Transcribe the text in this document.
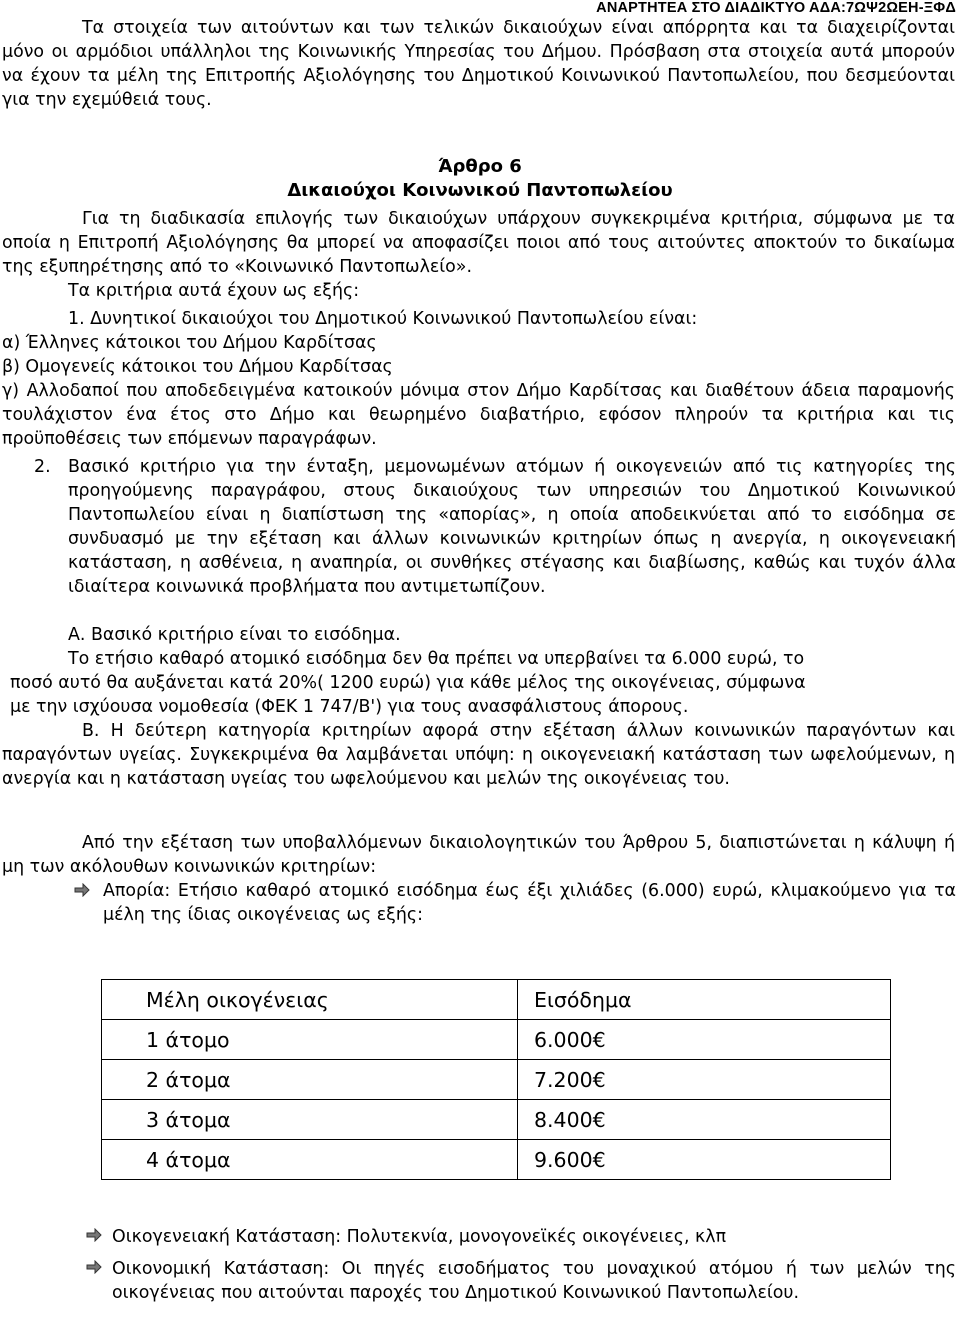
ΑΝΑΡΤΗΤΕΑ ΣΤΟ ΔΙΑΔΙΚΤΥΟ ΑΔΑ:7ΩΨ2ΩΕΗ-ΞΦΔ

Τα στοιχεία των αιτούντων και των τελικών δικαιούχων είναι απόρρητα και τα διαχειρίζονται μόνο οι αρμόδιοι υπάλληλοι της Κοινωνικής Υπηρεσίας του Δήμου. Πρόσβαση στα στοιχεία αυτά μπορούν να έχουν τα μέλη της Επιτροπής Αξιολόγησης του Δημοτικού Κοινωνικού Παντοπωλείου, που δεσμεύονται για την εχεμύθειά τους.

Άρθρο 6

Δικαιούχοι Κοινωνικού Παντοπωλείου

Για τη διαδικασία επιλογής των δικαιούχων υπάρχουν συγκεκριμένα κριτήρια, σύμφωνα με τα οποία η Επιτροπή Αξιολόγησης θα μπορεί να αποφασίζει ποιοι από τους αιτούντες αποκτούν το δικαίωμα της εξυπηρέτησης από το «Κοινωνικό Παντοπωλείο».

Τα κριτήρια αυτά έχουν ως εξής:

1. Δυνητικοί δικαιούχοι του Δημοτικού Κοινωνικού Παντοπωλείου είναι:

α) Έλληνες κάτοικοι του Δήμου Καρδίτσας

β) Ομογενείς κάτοικοι του Δήμου Καρδίτσας

γ) Αλλοδαποί που αποδεδειγμένα κατοικούν μόνιμα στον Δήμο Καρδίτσας και διαθέτουν άδεια παραμονής τουλάχιστον ένα έτος στο Δήμο και θεωρημένο διαβατήριο, εφόσον πληρούν τα κριτήρια και τις προϋποθέσεις των επόμενων παραγράφων.

2.	Βασικό κριτήριο για την ένταξη, μεμονωμένων ατόμων ή οικογενειών από τις κατηγορίες της προηγούμενης παραγράφου, στους δικαιούχους των υπηρεσιών του Δημοτικού Κοινωνικού Παντοπωλείου είναι η διαπίστωση της «απορίας», η οποία αποδεικνύεται από το εισόδημα σε συνδυασμό με την εξέταση και άλλων κοινωνικών κριτηρίων όπως η ανεργία, η οικογενειακή κατάσταση, η ασθένεια, η αναπηρία, οι συνθήκες στέγασης και διαβίωσης, καθώς και τυχόν άλλα ιδιαίτερα κοινωνικά προβλήματα που αντιμετωπίζουν.

Α. Βασικό κριτήριο είναι το εισόδημα.

Το ετήσιο καθαρό ατομικό εισόδημα δεν θα πρέπει να υπερβαίνει τα 6.000 ευρώ, το

ποσό αυτό θα αυξάνεται κατά 20%( 1200 ευρώ) για κάθε μέλος της οικογένειας, σύμφωνα

με την ισχύουσα νομοθεσία (ΦΕΚ 1 747/Β') για τους ανασφάλιστους άπορους.

Β. Η δεύτερη κατηγορία κριτηρίων αφορά στην εξέταση άλλων κοινωνικών παραγόντων και παραγόντων υγείας. Συγκεκριμένα θα λαμβάνεται υπόψη: η οικογενειακή κατάσταση των ωφελούμενων, η ανεργία και η κατάσταση υγείας του ωφελούμενου και μελών της οικογένειας του.

Από την εξέταση των υποβαλλόμενων δικαιολογητικών του Άρθρου 5, διαπιστώνεται η κάλυψη ή μη των ακόλουθων κοινωνικών κριτηρίων:

Απορία: Ετήσιο καθαρό ατομικό εισόδημα έως έξι χιλιάδες (6.000) ευρώ, κλιμακούμενο για τα μέλη της ίδιας οικογένειας ως εξής:

Μέλη οικογένειας	Εισόδημα
1 άτομο	6.000€
2 άτομα	7.200€
3 άτομα	8.400€
4 άτομα	9.600€

Οικογενειακή Κατάσταση: Πολυτεκνία, μονογονεϊκές οικογένειες, κλπ

Οικονομική Κατάσταση: Οι πηγές εισοδήματος του μοναχικού ατόμου ή των μελών της οικογένειας που αιτούνται παροχές του Δημοτικού Κοινωνικού Παντοπωλείου.
